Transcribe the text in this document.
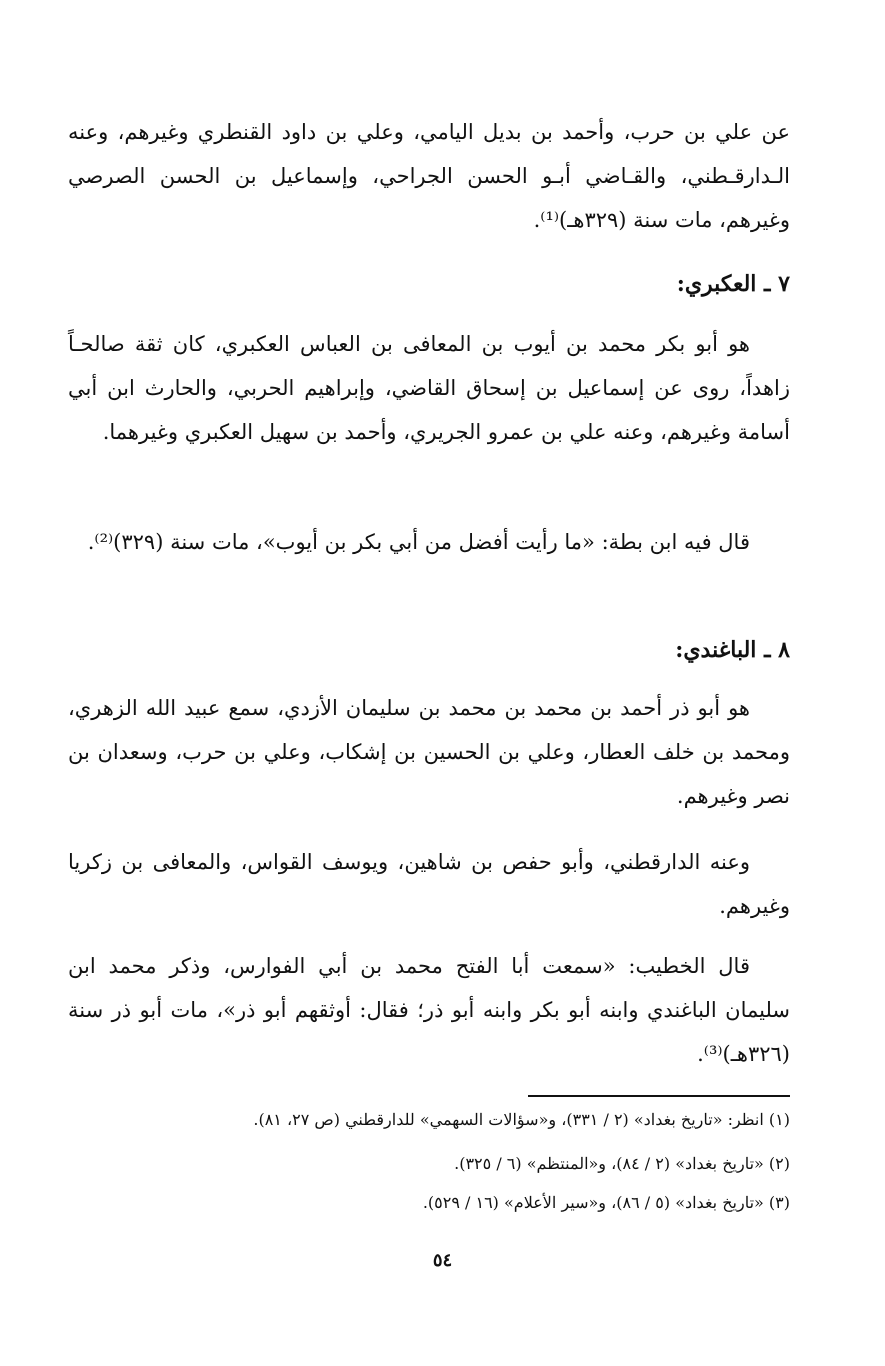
عن علي بن حرب، وأحمد بن بديل اليامي، وعلي بن داود القنطري وغيرهم، وعنه الـدارقـطني، والقـاضي أبـو الحسن الجراحي، وإسماعيل بن الحسن الصرصي وغيرهم، مات سنة (٣٢٩هـ)⁽¹⁾.

٧ ـ العكبري:

هو أبو بكر محمد بن أيوب بن المعافى بن العباس العكبري، كان ثقة صالحـاً زاهداً، روى عن إسماعيل بن إسحاق القاضي، وإبراهيم الحربي، والحارث ابن أبي أسامة وغيرهم، وعنه علي بن عمرو الجريري، وأحمد بن سهيل العكبري وغيرهما.

قال فيه ابن بطة: «ما رأيت أفضل من أبي بكر بن أيوب»، مات سنة (٣٢٩)⁽²⁾.

٨ ـ الباغندي:

هو أبو ذر أحمد بن محمد بن محمد بن سليمان الأزدي، سمع عبيد الله الزهري، ومحمد بن خلف العطار، وعلي بن الحسين بن إشكاب، وعلي بن حرب، وسعدان بن نصر وغيرهم.

وعنه الدارقطني، وأبو حفص بن شاهين، ويوسف القواس، والمعافى بن زكريا وغيرهم.

قال الخطيب: «سمعت أبا الفتح محمد بن أبي الفوارس، وذكر محمد ابن سليمان الباغندي وابنه أبو بكر وابنه أبو ذر؛ فقال: أوثقهم أبو ذر»، مات أبو ذر سنة (٣٢٦هـ)⁽³⁾.

(١) انظر: «تاريخ بغداد» (٢ / ٣٣١)، و«سؤالات السهمي» للدارقطني (ص ٢٧، ٨١).

(٢) «تاريخ بغداد» (٢ / ٨٤)، و«المنتظم» (٦ / ٣٢٥).

(٣) «تاريخ بغداد» (٥ / ٨٦)، و«سير الأعلام» (١٦ / ٥٢٩).

٥٤
